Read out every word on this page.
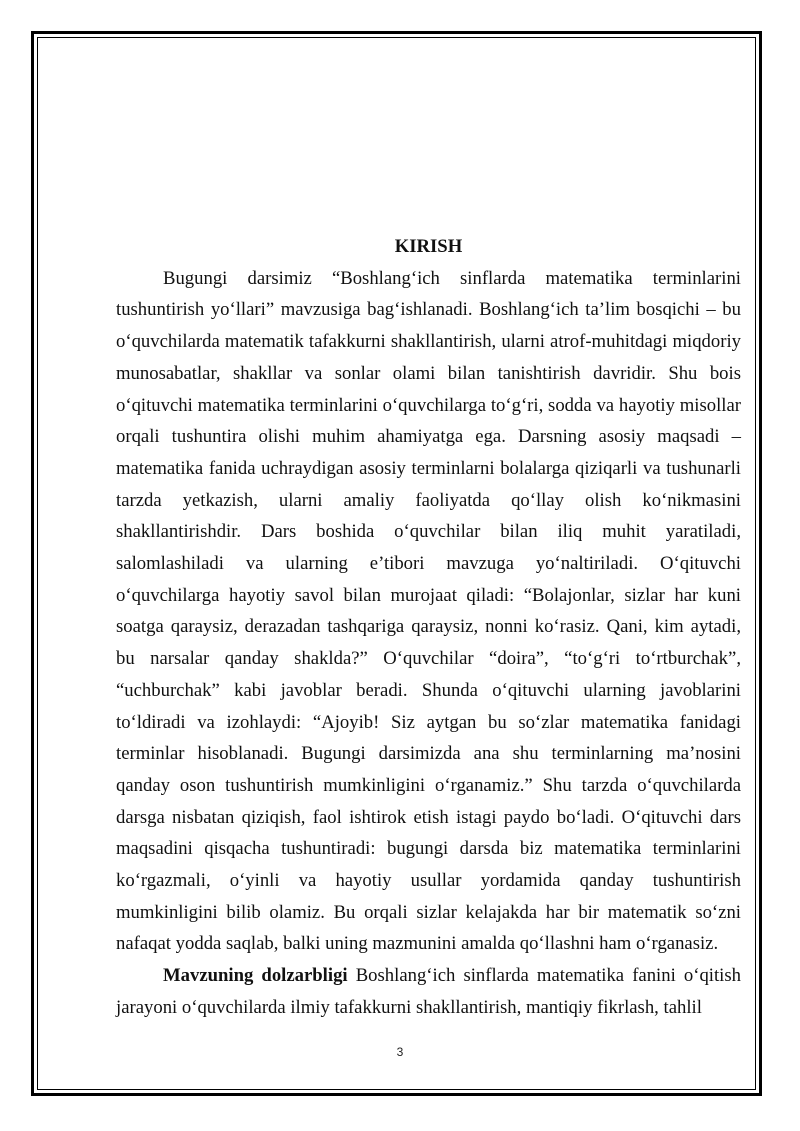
KIRISH

Bugungi darsimiz “Boshlang‘ich sinflarda matematika terminlarini tushuntirish yo‘llari” mavzusiga bag‘ishlanadi. Boshlang‘ich ta’lim bosqichi – bu o‘quvchilarda matematik tafakkurni shakllantirish, ularni atrof-muhitdagi miqdoriy munosabatlar, shakllar va sonlar olami bilan tanishtirish davridir. Shu bois o‘qituvchi matematika terminlarini o‘quvchilarga to‘g‘ri, sodda va hayotiy misollar orqali tushuntira olishi muhim ahamiyatga ega. Darsning asosiy maqsadi – matematika fanida uchraydigan asosiy terminlarni bolalarga qiziqarli va tushunarli tarzda yetkazish, ularni amaliy faoliyatda qo‘llay olish ko‘nikmasini shakllantirishdir. Dars boshida o‘quvchilar bilan iliq muhit yaratiladi, salomlashiladi va ularning e’tibori mavzuga yo‘naltiriladi. O‘qituvchi o‘quvchilarga hayotiy savol bilan murojaat qiladi: “Bolajonlar, sizlar har kuni soatga qaraysiz, derazadan tashqariga qaraysiz, nonni ko‘rasiz. Qani, kim aytadi, bu narsalar qanday shaklda?” O‘quvchilar “doira”, “to‘g‘ri to‘rtburchak”, “uchburchak” kabi javoblar beradi. Shunda o‘qituvchi ularning javoblarini to‘ldiradi va izohlaydi: “Ajoyib! Siz aytgan bu so‘zlar matematika fanidagi terminlar hisoblanadi. Bugungi darsimizda ana shu terminlarning ma’nosini qanday oson tushuntirish mumkinligini o‘rganamiz.” Shu tarzda o‘quvchilarda darsga nisbatan qiziqish, faol ishtirok etish istagi paydo bo‘ladi. O‘qituvchi dars maqsadini qisqacha tushuntiradi: bugungi darsda biz matematika terminlarini ko‘rgazmali, o‘yinli va hayotiy usullar yordamida qanday tushuntirish mumkinligini bilib olamiz. Bu orqali sizlar kelajakda har bir matematik so‘zni nafaqat yodda saqlab, balki uning mazmunini amalda qo‘llashni ham o‘rganasiz.

Mavzuning dolzarbligi Boshlang‘ich sinflarda matematika fanini o‘qitish jarayoni o‘quvchilarda ilmiy tafakkurni shakllantirish, mantiqiy fikrlash, tahlil

3
